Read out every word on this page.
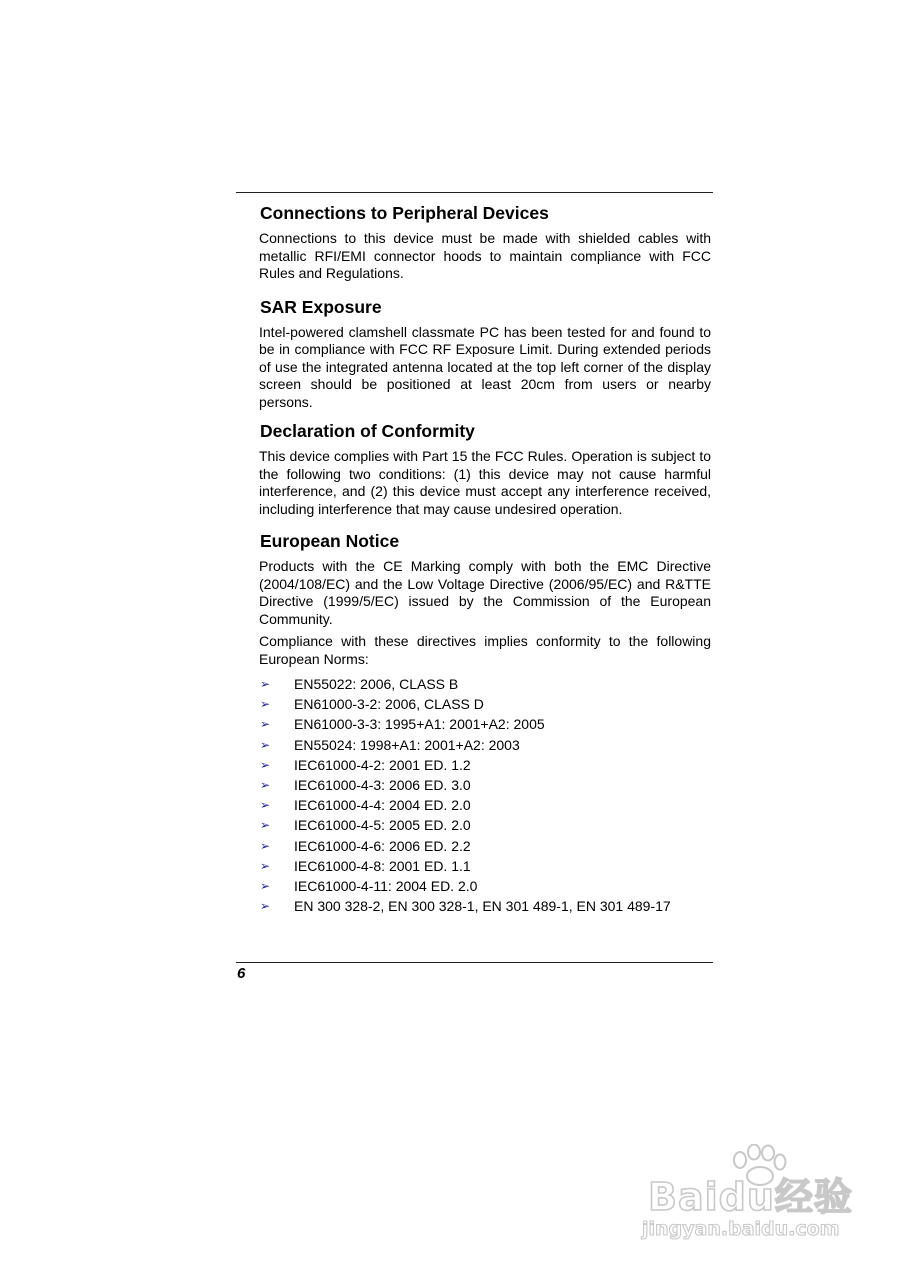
Connections to Peripheral Devices

Connections to this device must be made with shielded cables with metallic RFI/EMI connector hoods to maintain compliance with FCC Rules and Regulations.

SAR Exposure

Intel-powered clamshell classmate PC has been tested for and found to be in compliance with FCC RF Exposure Limit. During extended periods of use the integrated antenna located at the top left corner of the display screen should be positioned at least 20cm from users or nearby persons.

Declaration of Conformity

This device complies with Part 15 the FCC Rules. Operation is subject to the following two conditions: (1) this device may not cause harmful interference, and (2) this device must accept any interference received, including interference that may cause undesired operation.

European Notice

Products with the CE Marking comply with both the EMC Directive (2004/108/EC) and the Low Voltage Directive (2006/95/EC) and R&TTE Directive (1999/5/EC) issued by the Commission of the European Community.

Compliance with these directives implies conformity to the following European Norms:

➢ EN55022: 2006, CLASS B
➢ EN61000-3-2: 2006, CLASS D
➢ EN61000-3-3: 1995+A1: 2001+A2: 2005
➢ EN55024: 1998+A1: 2001+A2: 2003
➢ IEC61000-4-2: 2001 ED. 1.2
➢ IEC61000-4-3: 2006 ED. 3.0
➢ IEC61000-4-4: 2004 ED. 2.0
➢ IEC61000-4-5: 2005 ED. 2.0
➢ IEC61000-4-6: 2006 ED. 2.2
➢ IEC61000-4-8: 2001 ED. 1.1
➢ IEC61000-4-11: 2004 ED. 2.0
➢ EN 300 328-2, EN 300 328-1, EN 301 489-1, EN 301 489-17
6
Baidu经验
jingyan.baidu.com
